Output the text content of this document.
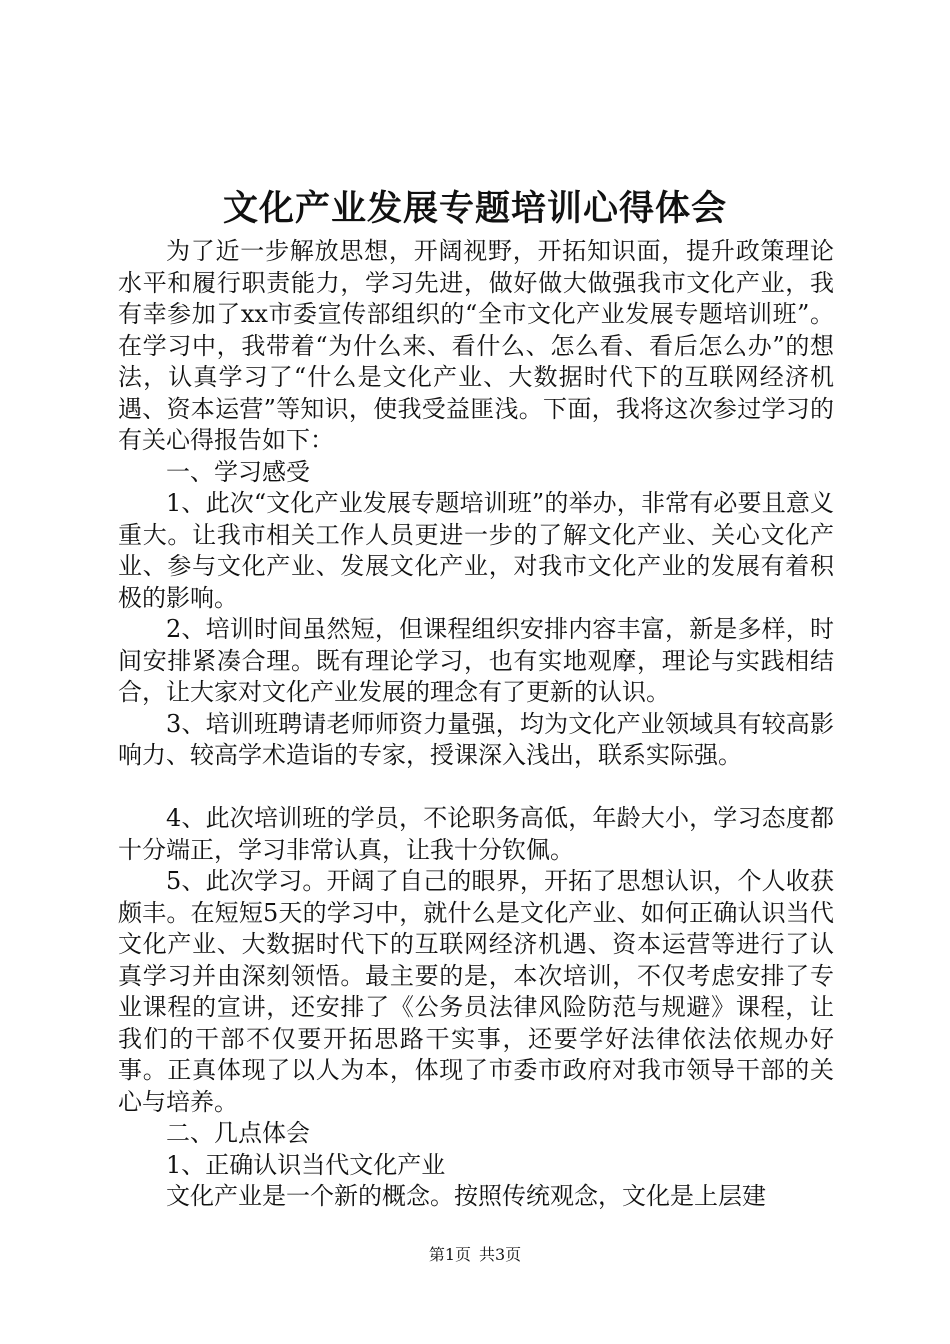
文化产业发展专题培训心得体会

为了近一步解放思想，开阔视野，开拓知识面，提升政策理论水平和履行职责能力，学习先进，做好做大做强我市文化产业，我有幸参加了xx市委宣传部组织的“全市文化产业发展专题培训班”。在学习中，我带着“为什么来、看什么、怎么看、看后怎么办”的想法，认真学习了“什么是文化产业、大数据时代下的互联网经济机遇、资本运营”等知识，使我受益匪浅。下面，我将这次参过学习的有关心得报告如下：

一、学习感受

1、此次“文化产业发展专题培训班”的举办，非常有必要且意义重大。让我市相关工作人员更进一步的了解文化产业、关心文化产业、参与文化产业、发展文化产业，对我市文化产业的发展有着积极的影响。

2、培训时间虽然短，但课程组织安排内容丰富，新是多样，时间安排紧凑合理。既有理论学习，也有实地观摩，理论与实践相结合，让大家对文化产业发展的理念有了更新的认识。

3、培训班聘请老师师资力量强，均为文化产业领域具有较高影响力、较高学术造诣的专家，授课深入浅出，联系实际强。

4、此次培训班的学员，不论职务高低，年龄大小，学习态度都十分端正，学习非常认真，让我十分钦佩。

5、此次学习。开阔了自己的眼界，开拓了思想认识，个人收获颇丰。在短短5天的学习中，就什么是文化产业、如何正确认识当代文化产业、大数据时代下的互联网经济机遇、资本运营等进行了认真学习并由深刻领悟。最主要的是，本次培训，不仅考虑安排了专业课程的宣讲，还安排了《公务员法律风险防范与规避》课程，让我们的干部不仅要开拓思路干实事，还要学好法律依法依规办好事。正真体现了以人为本，体现了市委市政府对我市领导干部的关心与培养。

二、几点体会

1、正确认识当代文化产业

文化产业是一个新的概念。按照传统观念，文化是上层建

第1页 共3页
